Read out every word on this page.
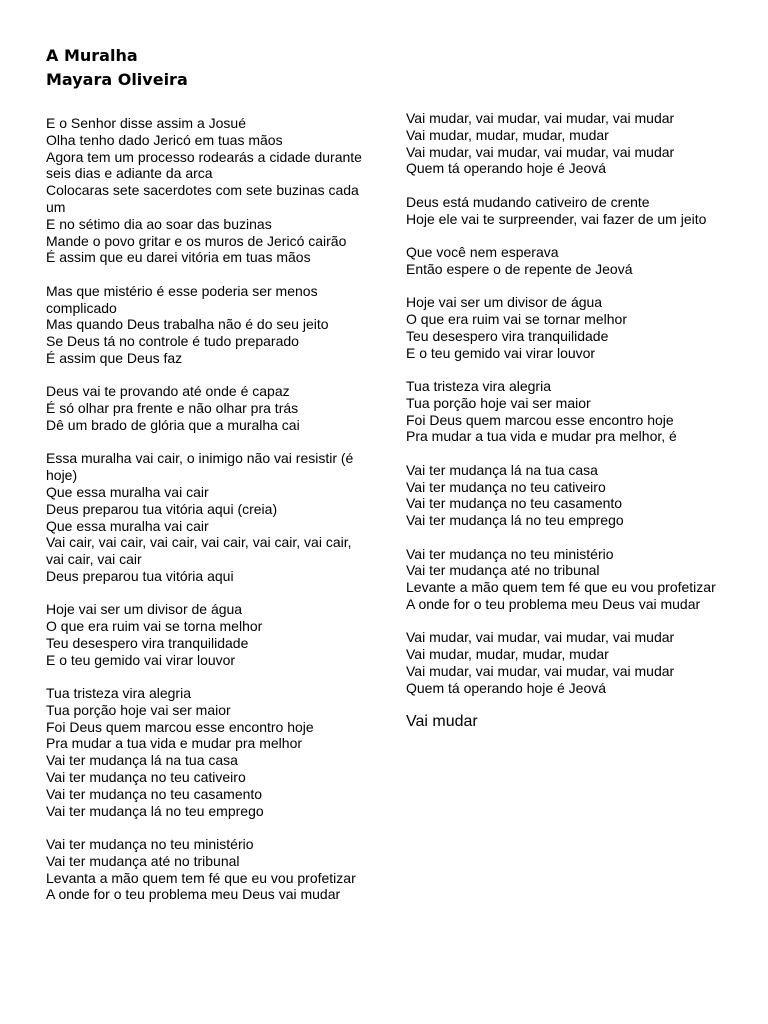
A Muralha
Mayara Oliveira
E o Senhor disse assim a Josué
Olha tenho dado Jericó em tuas mãos
Agora tem um processo rodearás a cidade durante seis dias e adiante da arca
Colocaras sete sacerdotes com sete buzinas cada um
E no sétimo dia ao soar das buzinas
Mande o povo gritar e os muros de Jericó cairão
É assim que eu darei vitória em tuas mãos
Mas que mistério é esse poderia ser menos complicado
Mas quando Deus trabalha não é do seu jeito
Se Deus tá no controle é tudo preparado
É assim que Deus faz
Deus vai te provando até onde é capaz
É só olhar pra frente e não olhar pra trás
Dê um brado de glória que a muralha cai
Essa muralha vai cair, o inimigo não vai resistir (é hoje)
Que essa muralha vai cair
Deus preparou tua vitória aqui (creia)
Que essa muralha vai cair
Vai cair, vai cair, vai cair, vai cair, vai cair, vai cair, vai cair, vai cair
Deus preparou tua vitória aqui
Hoje vai ser um divisor de água
O que era ruim vai se torna melhor
Teu desespero vira tranquilidade
E o teu gemido vai virar louvor
Tua tristeza vira alegria
Tua porção hoje vai ser maior
Foi Deus quem marcou esse encontro hoje
Pra mudar a tua vida e mudar pra melhor
Vai ter mudança lá na tua casa
Vai ter mudança no teu cativeiro
Vai ter mudança no teu casamento
Vai ter mudança lá no teu emprego
Vai ter mudança no teu ministério
Vai ter mudança até no tribunal
Levanta a mão quem tem fé que eu vou profetizar
A onde for o teu problema meu Deus vai mudar
Vai mudar, vai mudar, vai mudar, vai mudar
Vai mudar, mudar, mudar, mudar
Vai mudar, vai mudar, vai mudar, vai mudar
Quem tá operando hoje é Jeová
Deus está mudando cativeiro de crente
Hoje ele vai te surpreender, vai fazer de um jeito
Que você nem esperava
Então espere o de repente de Jeová
Hoje vai ser um divisor de água
O que era ruim vai se tornar melhor
Teu desespero vira tranquilidade
E o teu gemido vai virar louvor
Tua tristeza vira alegria
Tua porção hoje vai ser maior
Foi Deus quem marcou esse encontro hoje
Pra mudar a tua vida e mudar pra melhor, é
Vai ter mudança lá na tua casa
Vai ter mudança no teu cativeiro
Vai ter mudança no teu casamento
Vai ter mudança lá no teu emprego
Vai ter mudança no teu ministério
Vai ter mudança até no tribunal
Levante a mão quem tem fé que eu vou profetizar
A onde for o teu problema meu Deus vai mudar
Vai mudar, vai mudar, vai mudar, vai mudar
Vai mudar, mudar, mudar, mudar
Vai mudar, vai mudar, vai mudar, vai mudar
Quem tá operando hoje é Jeová
Vai mudar
